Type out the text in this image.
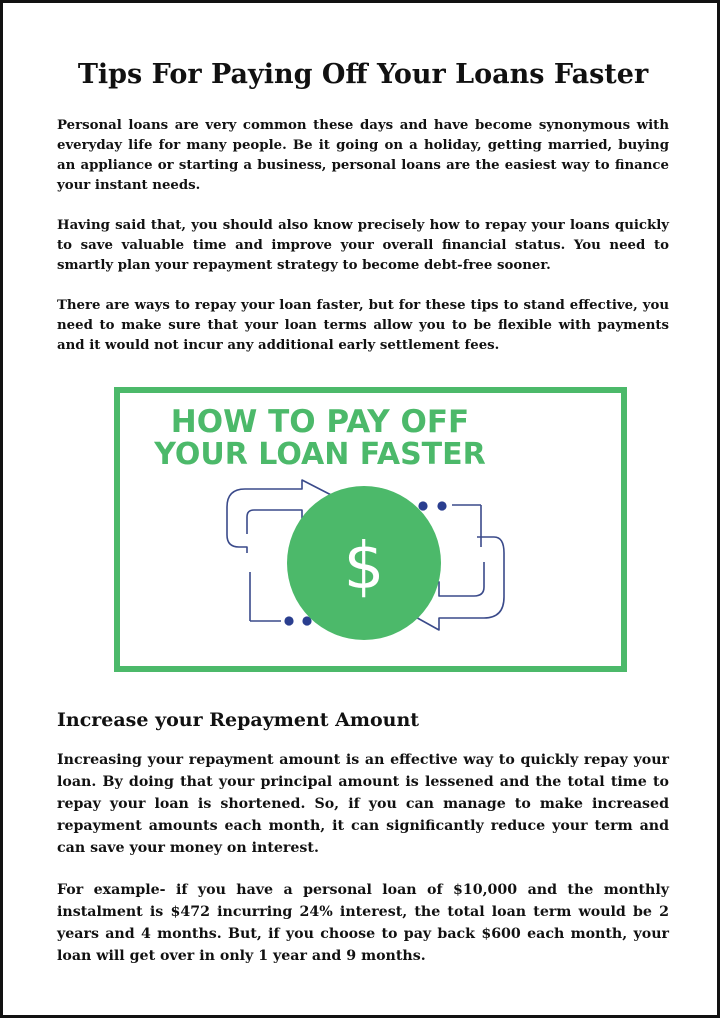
Tips For Paying Off Your Loans Faster

Personal loans are very common these days and have become synonymous with everyday life for many people. Be it going on a holiday, getting married, buying an appliance or starting a business, personal loans are the easiest way to finance your instant needs.

Having said that, you should also know precisely how to repay your loans quickly to save valuable time and improve your overall financial status. You need to smartly plan your repayment strategy to become debt-free sooner.

There are ways to repay your loan faster, but for these tips to stand effective, you need to make sure that your loan terms allow you to be flexible with payments and it would not incur any additional early settlement fees.

HOW TO PAY OFF
YOUR LOAN FASTER
$
Increase your Repayment Amount

Increasing your repayment amount is an effective way to quickly repay your loan. By doing that your principal amount is lessened and the total time to repay your loan is shortened. So, if you can manage to make increased repayment amounts each month, it can significantly reduce your term and can save your money on interest.

For example- if you have a personal loan of $10,000 and the monthly instalment is $472 incurring 24% interest, the total loan term would be 2 years and 4 months. But, if you choose to pay back $600 each month, your loan will get over in only 1 year and 9 months.
